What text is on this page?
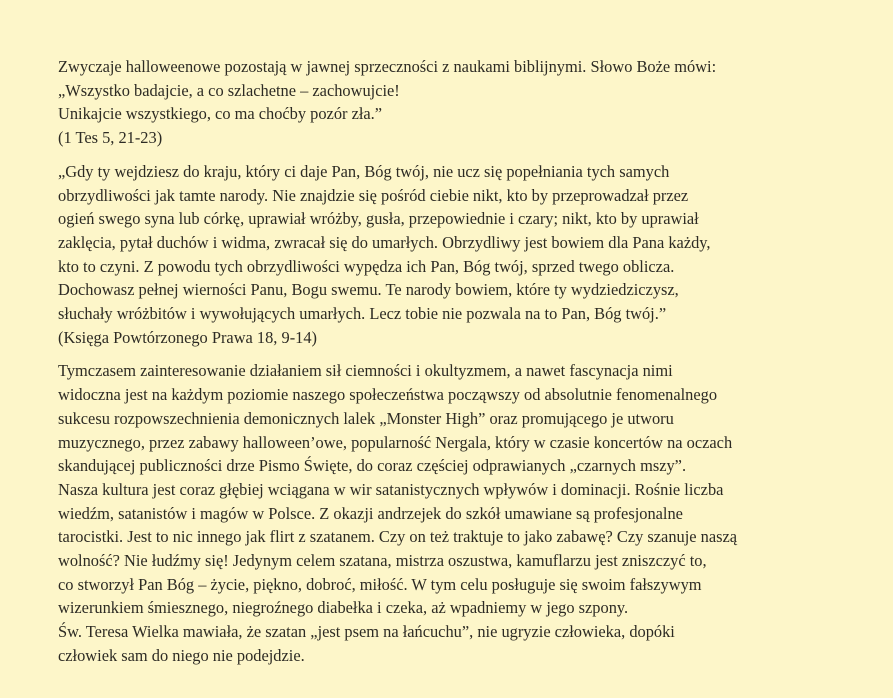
Zwyczaje halloweenowe pozostają w jawnej sprzeczności z naukami biblijnymi. Słowo Boże mówi:
„Wszystko badajcie, a co szlachetne – zachowujcie!
Unikajcie wszystkiego, co ma choćby pozór zła.”
(1 Tes 5, 21-23)
„Gdy ty wejdziesz do kraju, który ci daje Pan, Bóg twój, nie ucz się popełniania tych samych
obrzydliwości jak tamte narody. Nie znajdzie się pośród ciebie nikt, kto by przeprowadzał przez
ogień swego syna lub córkę, uprawiał wróżby, gusła, przepowiednie i czary; nikt, kto by uprawiał
zaklęcia, pytał duchów i widma, zwracał się do umarłych. Obrzydliwy jest bowiem dla Pana każdy,
kto to czyni. Z powodu tych obrzydliwości wypędza ich Pan, Bóg twój, sprzed twego oblicza.
Dochowasz pełnej wierności Panu, Bogu swemu. Te narody bowiem, które ty wydziedziczysz,
słuchały wróżbitów i wywołujących umarłych. Lecz tobie nie pozwala na to Pan, Bóg twój.”
(Księga Powtórzonego Prawa 18, 9-14)
Tymczasem zainteresowanie działaniem sił ciemności i okultyzmem, a nawet fascynacja nimi
widoczna jest na każdym poziomie naszego społeczeństwa począwszy od absolutnie fenomenalnego
sukcesu rozpowszechnienia demonicznych lalek „Monster High” oraz promującego je utworu
muzycznego, przez zabawy halloween’owe, popularność Nergala, który w czasie koncertów na oczach
skandującej publiczności drze Pismo Święte, do coraz częściej odprawianych „czarnych mszy”.
Nasza kultura jest coraz głębiej wciągana w wir satanistycznych wpływów i dominacji. Rośnie liczba
wiedźm, satanistów i magów w Polsce. Z okazji andrzejek do szkół umawiane są profesjonalne
tarocistki. Jest to nic innego jak flirt z szatanem. Czy on też traktuje to jako zabawę? Czy szanuje naszą
wolność? Nie łudźmy się! Jedynym celem szatana, mistrza oszustwa, kamuflarzu jest zniszczyć to,
co stworzył Pan Bóg – życie, piękno, dobroć, miłość. W tym celu posługuje się swoim fałszywym
wizerunkiem śmiesznego, niegroźnego diabełka i czeka, aż wpadniemy w jego szpony.
Św. Teresa Wielka mawiała, że szatan „jest psem na łańcuchu”, nie ugryzie człowieka, dopóki
człowiek sam do niego nie podejdzie.
